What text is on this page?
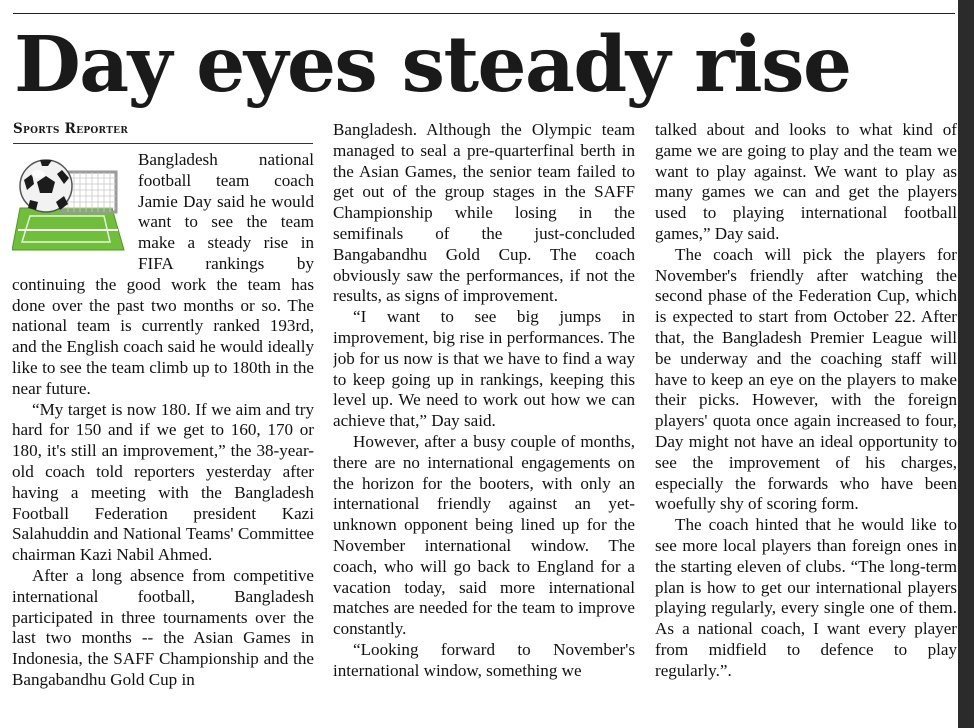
Day eyes steady rise
Sports Reporter

Bangladesh national football team coach Jamie Day said he would want to see the team make a steady rise in FIFA rankings by continuing the good work the team has done over the past two months or so. The national team is currently ranked 193rd, and the English coach said he would ideally like to see the team climb up to 180th in the near future.

“My target is now 180. If we aim and try hard for 150 and if we get to 160, 170 or 180, it's still an improvement,” the 38-year-old coach told reporters yesterday after having a meeting with the Bangladesh Football Federation president Kazi Salahuddin and National Teams' Committee chairman Kazi Nabil Ahmed.

After a long absence from competitive international football, Bangladesh participated in three tournaments over the last two months -- the Asian Games in Indonesia, the SAFF Championship and the Bangabandhu Gold Cup in

Bangladesh. Although the Olympic team managed to seal a pre-quarterfinal berth in the Asian Games, the senior team failed to get out of the group stages in the SAFF Championship while losing in the semifinals of the just-concluded Bangabandhu Gold Cup. The coach obviously saw the performances, if not the results, as signs of improvement.

“I want to see big jumps in improvement, big rise in performances. The job for us now is that we have to find a way to keep going up in rankings, keeping this level up. We need to work out how we can achieve that,” Day said.

However, after a busy couple of months, there are no international engagements on the horizon for the booters, with only an international friendly against an yet-unknown opponent being lined up for the November international window. The coach, who will go back to England for a vacation today, said more international matches are needed for the team to improve constantly.

“Looking forward to November's international window, something we

talked about and looks to what kind of game we are going to play and the team we want to play against. We want to play as many games we can and get the players used to playing international football games,” Day said.

The coach will pick the players for November's friendly after watching the second phase of the Federation Cup, which is expected to start from October 22. After that, the Bangladesh Premier League will be underway and the coaching staff will have to keep an eye on the players to make their picks. However, with the foreign players' quota once again increased to four, Day might not have an ideal opportunity to see the improvement of his charges, especially the forwards who have been woefully shy of scoring form.

The coach hinted that he would like to see more local players than foreign ones in the starting eleven of clubs. “The long-term plan is how to get our international players playing regularly, every single one of them. As a national coach, I want every player from midfield to defence to play regularly.”.
